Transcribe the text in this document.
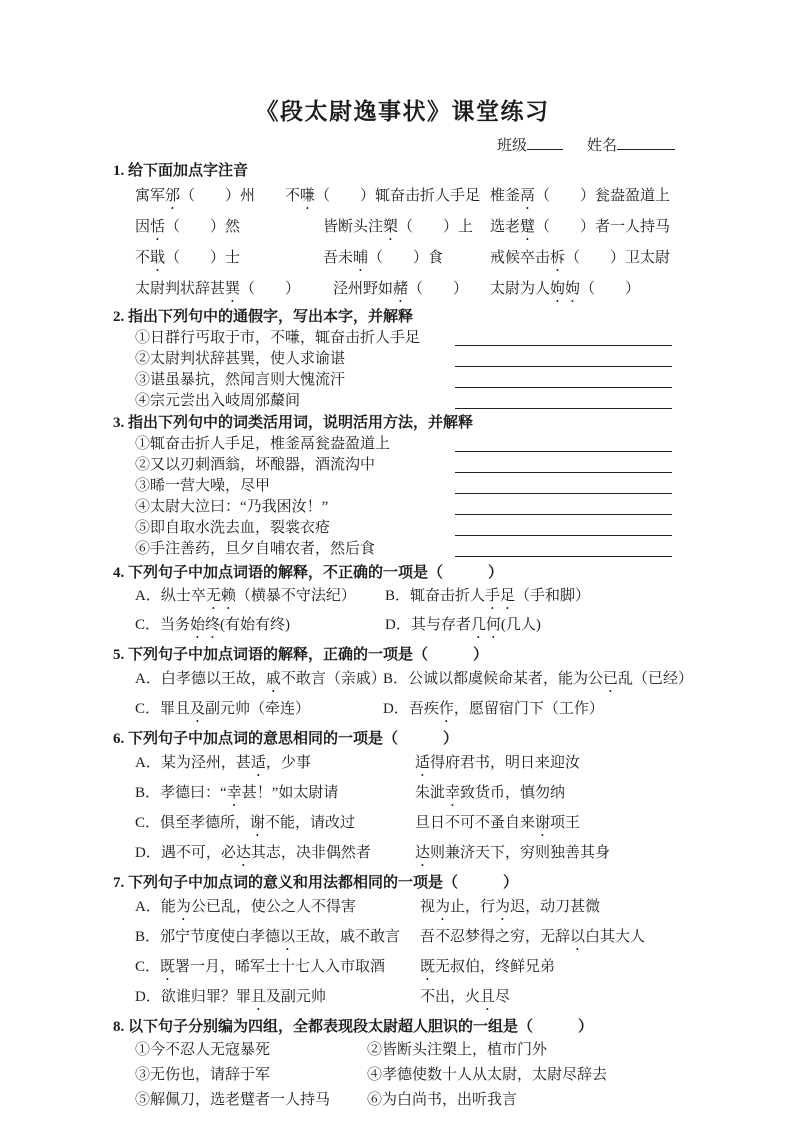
《段太尉逸事状》课堂练习
班级	姓名
1. 给下面加点字注音
寓军邠（　　）州	不嗛（　　）辄奋击折人手足 椎釜鬲（　　）瓮盎盈道上
因恬（　　）然	皆断头注槊（　　）上	选老躄（　　）者一人持马
不戢（　　）士	吾未晡（　　）食	戒候卒击柝（　　）卫太尉
太尉判状辞甚巽（　　）	泾州野如赭（　　）	太尉为人姁姁（　　）
2. 指出下列句中的通假字，写出本字，并解释
①日群行丐取于市，不嗛，辄奋击折人手足
②太尉判状辞甚巽，使人求谕谌
③谌虽暴抗，然闻言则大愧流汗
④宗元尝出入岐周邠斄间
3. 指出下列句中的词类活用词，说明活用方法，并解释
①辄奋击折人手足，椎釜鬲瓮盎盈道上
②又以刃刺酒翁，坏酿器，酒流沟中
③晞一营大噪，尽甲
④太尉大泣曰：“乃我困汝！”
⑤即自取水洗去血，裂裳衣疮
⑥手注善药，旦夕自哺农者，然后食
4. 下列句子中加点词语的解释，不正确的一项是（　　　）
A．纵士卒无赖（横暴不守法纪）	B．辄奋击折人手足（手和脚）
C．当务始终(有始有终)	D．其与存者几何(几人)
5. 下列句子中加点词语的解释，正确的一项是（　　　）
A．白孝德以王故，戚不敢言（亲戚）
B．公诚以都虞候命某者，能为公已乱（已经）
C．罪且及副元帅（牵连）	D．吾疾作，愿留宿门下（工作）
6. 下列句子中加点词的意思相同的一项是（　　　）
A．某为泾州，甚适，少事	适得府君书，明日来迎汝
B．孝德曰：“幸甚！”如太尉请	朱泚幸致货币，慎勿纳
C．俱至孝德所，谢不能，请改过	旦日不可不蚤自来谢项王
D．遇不可，必达其志，决非偶然者	达则兼济天下，穷则独善其身
7. 下列句子中加点词的意义和用法都相同的一项是（　　　）
A．能为公已乱，使公之人不得害	视为止，行为迟，动刀甚微
B．邠宁节度使白孝德以王故，戚不敢言	吾不忍梦得之穷，无辞以白其大人
C．既署一月，晞军士十七人入市取酒	既无叔伯，终鲜兄弟
D．欲谁归罪？罪且及副元帅	不出，火且尽
8. 以下句子分别编为四组，全都表现段太尉超人胆识的一组是（　　　）
①今不忍人无寇暴死	②皆断头注槊上，植市门外
③无伤也，请辞于军	④孝德使数十人从太尉，太尉尽辞去
⑤解佩刀，选老躄者一人持马	⑥为白尚书，出听我言
